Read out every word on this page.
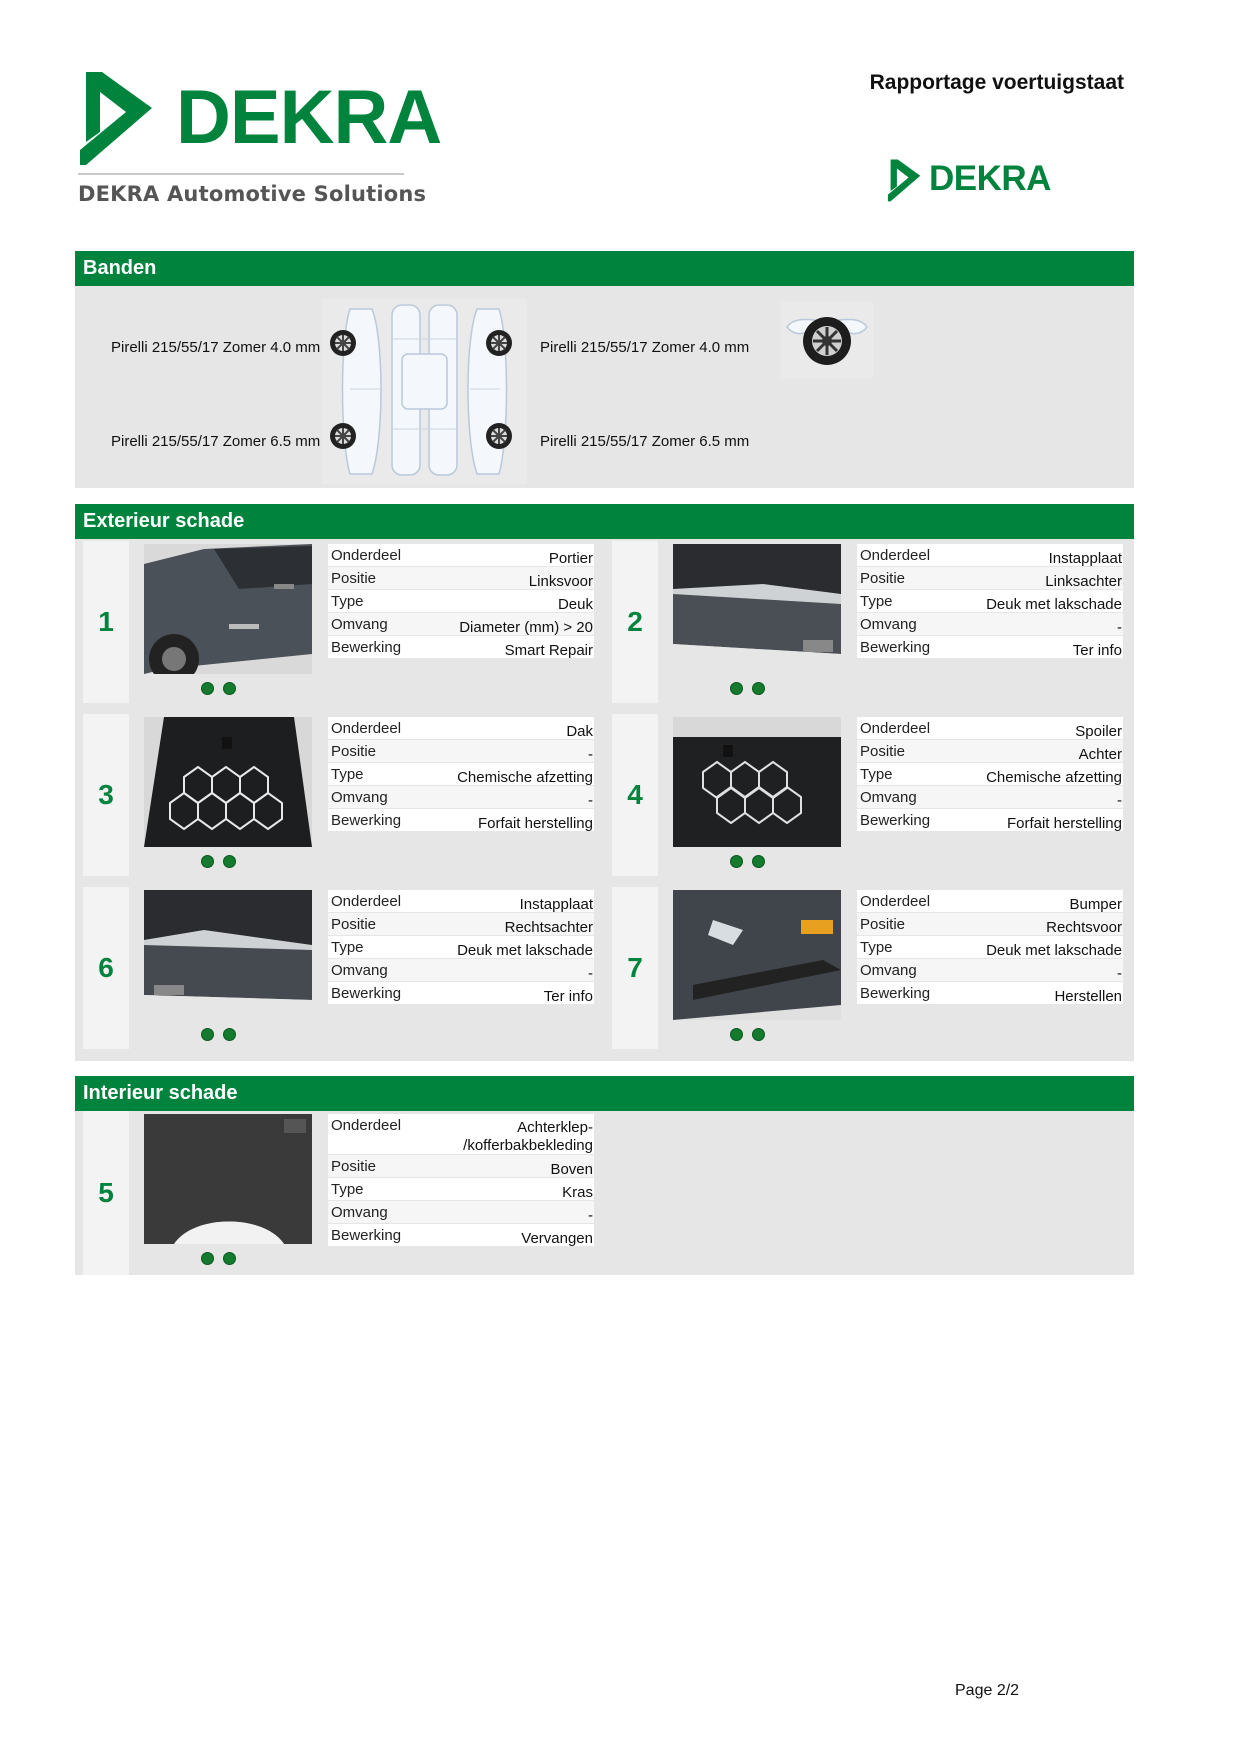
DEKRA
DEKRA Automotive Solutions
Rapportage voertuigstaat
DEKRA
Banden
Pirelli 215/55/17 Zomer 4.0 mm
Pirelli 215/55/17 Zomer 6.5 mm
Pirelli 215/55/17 Zomer 4.0 mm
Pirelli 215/55/17 Zomer 6.5 mm
Exterieur schade
1
Onderdeel	Portier
Positie	Linksvoor
Type	Deuk
Omvang	Diameter (mm) > 20
Bewerking	Smart Repair
2
Onderdeel	Instapplaat
Positie	Linksachter
Type	Deuk met lakschade
Omvang	-
Bewerking	Ter info
3
Onderdeel	Dak
Positie	-
Type	Chemische afzetting
Omvang	-
Bewerking	Forfait herstelling
4
Onderdeel	Spoiler
Positie	Achter
Type	Chemische afzetting
Omvang	-
Bewerking	Forfait herstelling
6
Onderdeel	Instapplaat
Positie	Rechtsachter
Type	Deuk met lakschade
Omvang	-
Bewerking	Ter info
7
Onderdeel	Bumper
Positie	Rechtsvoor
Type	Deuk met lakschade
Omvang	-
Bewerking	Herstellen
Interieur schade
5
Onderdeel	Achterklep-
/kofferbakbekleding
Positie	Boven
Type	Kras
Omvang	-
Bewerking	Vervangen
Page 2/2
